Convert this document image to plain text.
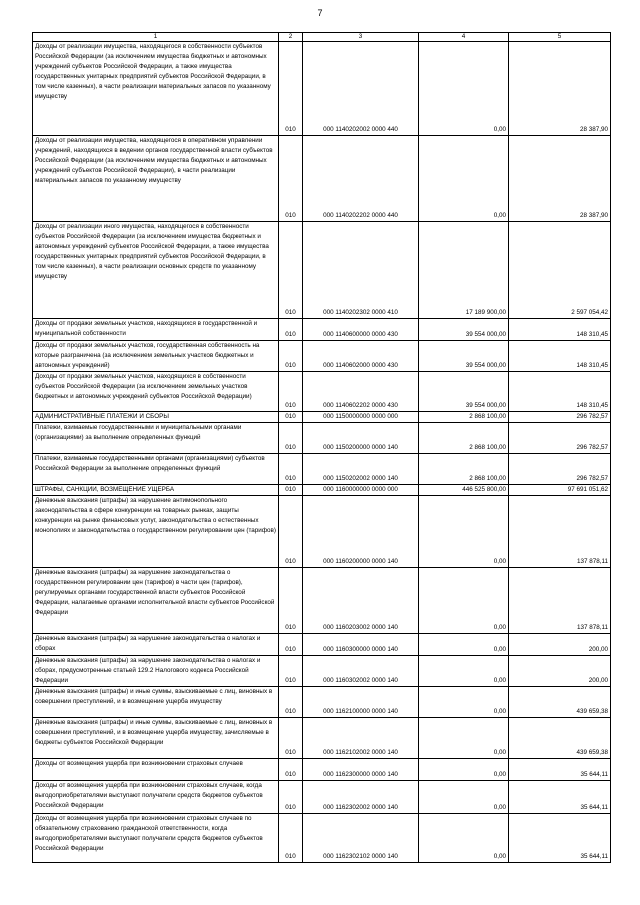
7
1	2	3	4	5
Доходы от реализации имущества, находящегося в собственности субъектов Российской Федерации (за исключением имущества бюджетных и автономных учреждений субъектов Российской Федерации, а также имущества государственных унитарных предприятий субъектов Российской Федерации, в том числе казенных), в части реализации материальных запасов по указанному имуществу	010	000 1140202002 0000 440	0,00	28 387,90
Доходы от реализации имущества, находящегося в оперативном управлении учреждений, находящихся в ведении органов государственной власти субъектов Российской Федерации (за исключением имущества бюджетных и автономных учреждений субъектов Российской Федерации), в части реализации материальных запасов по указанному имуществу	010	000 1140202202 0000 440	0,00	28 387,90
Доходы от реализации иного имущества, находящегося в собственности субъектов Российской Федерации (за исключением имущества бюджетных и автономных учреждений субъектов Российской Федерации, а также имущества государственных унитарных предприятий субъектов Российской Федерации, в том числе казенных), в части реализации основных средств по указанному имуществу	010	000 1140202302 0000 410	17 189 900,00	2 597 054,42
Доходы от продажи земельных участков, находящихся в государственной и муниципальной собственности	010	000 1140600000 0000 430	39 554 000,00	148 310,45
Доходы от продажи земельных участков, государственная собственность на которые разграничена (за исключением земельных участков бюджетных и автономных учреждений)	010	000 1140602000 0000 430	39 554 000,00	148 310,45
Доходы от продажи земельных участков, находящихся в собственности субъектов Российской Федерации (за исключением земельных участков бюджетных и автономных учреждений субъектов Российской Федерации)	010	000 1140602202 0000 430	39 554 000,00	148 310,45
АДМИНИСТРАТИВНЫЕ ПЛАТЕЖИ И СБОРЫ	010	000 1150000000 0000 000	2 868 100,00	296 782,57
Платежи, взимаемые государственными и муниципальными органами (организациями) за выполнение определенных функций	010	000 1150200000 0000 140	2 868 100,00	296 782,57
Платежи, взимаемые государственными органами (организациями) субъектов Российской Федерации за выполнение определенных функций	010	000 1150202002 0000 140	2 868 100,00	296 782,57
ШТРАФЫ, САНКЦИИ, ВОЗМЕЩЕНИЕ УЩЕРБА	010	000 1160000000 0000 000	446 525 800,00	97 691 051,62
Денежные взыскания (штрафы) за нарушение антимонопольного законодательства в сфере конкуренции на товарных рынках, защиты конкуренции на рынке финансовых услуг, законодательства о естественных монополиях и законодательства о государственном регулировании цен (тарифов)	010	000 1160200000 0000 140	0,00	137 878,11
Денежные взыскания (штрафы) за нарушение законодательства о государственном регулировании цен (тарифов) в части цен (тарифов), регулируемых органами государственной власти субъектов Российской Федерации, налагаемые органами исполнительной власти субъектов Российской Федерации	010	000 1160203002 0000 140	0,00	137 878,11
Денежные взыскания (штрафы) за нарушение законодательства о налогах и сборах	010	000 1160300000 0000 140	0,00	200,00
Денежные взыскания (штрафы) за нарушение законодательства о налогах и сборах, предусмотренные статьей 129.2 Налогового кодекса Российской Федерации	010	000 1160302002 0000 140	0,00	200,00
Денежные взыскания (штрафы) и иные суммы, взыскиваемые с лиц, виновных в совершении преступлений, и в возмещение ущерба имуществу	010	000 1162100000 0000 140	0,00	439 659,38
Денежные взыскания (штрафы) и иные суммы, взыскиваемые с лиц, виновных в совершении преступлений, и в возмещение ущерба имуществу, зачисляемые в бюджеты субъектов Российской Федерации	010	000 1162102002 0000 140	0,00	439 659,38
Доходы от возмещения ущерба при возникновении страховых случаев	010	000 1162300000 0000 140	0,00	35 644,11
Доходы от возмещения ущерба при возникновении страховых случаев, когда выгодоприобретателями выступают получатели средств бюджетов субъектов Российской Федерации	010	000 1162302002 0000 140	0,00	35 644,11
Доходы от возмещения ущерба при возникновении страховых случаев по обязательному страхованию гражданской ответственности, когда выгодоприобретателями выступают получатели средств бюджетов субъектов Российской Федерации	010	000 1162302102 0000 140	0,00	35 644,11
